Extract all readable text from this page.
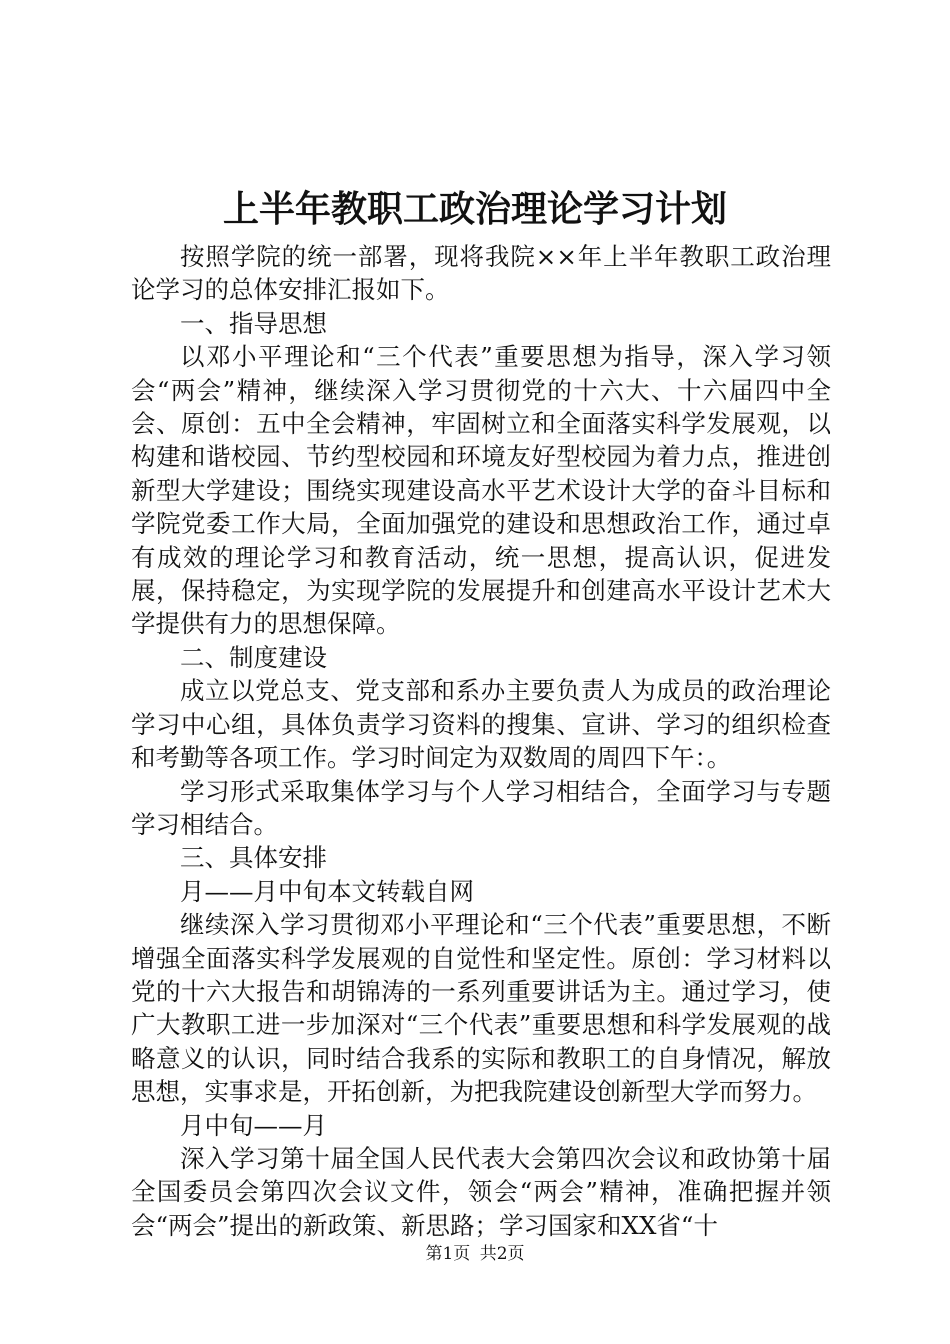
上半年教职工政治理论学习计划

按照学院的统一部署，现将我院××年上半年教职工政治理论学习的总体安排汇报如下。

一、指导思想

以邓小平理论和“三个代表”重要思想为指导，深入学习领会“两会”精神，继续深入学习贯彻党的十六大、十六届四中全会、原创：五中全会精神，牢固树立和全面落实科学发展观，以构建和谐校园、节约型校园和环境友好型校园为着力点，推进创新型大学建设；围绕实现建设高水平艺术设计大学的奋斗目标和学院党委工作大局，全面加强党的建设和思想政治工作，通过卓有成效的理论学习和教育活动，统一思想，提高认识，促进发展，保持稳定，为实现学院的发展提升和创建高水平设计艺术大学提供有力的思想保障。

二、制度建设

成立以党总支、党支部和系办主要负责人为成员的政治理论学习中心组，具体负责学习资料的搜集、宣讲、学习的组织检查和考勤等各项工作。学习时间定为双数周的周四下午：。

学习形式采取集体学习与个人学习相结合，全面学习与专题学习相结合。

三、具体安排

月——月中旬本文转载自网

继续深入学习贯彻邓小平理论和“三个代表”重要思想，不断增强全面落实科学发展观的自觉性和坚定性。原创：学习材料以党的十六大报告和胡锦涛的一系列重要讲话为主。通过学习，使广大教职工进一步加深对“三个代表”重要思想和科学发展观的战略意义的认识，同时结合我系的实际和教职工的自身情况，解放思想，实事求是，开拓创新，为把我院建设创新型大学而努力。

月中旬——月

深入学习第十届全国人民代表大会第四次会议和政协第十届全国委员会第四次会议文件，领会“两会”精神，准确把握并领会“两会”提出的新政策、新思路；学习国家和XX省“十

第1页 共2页
